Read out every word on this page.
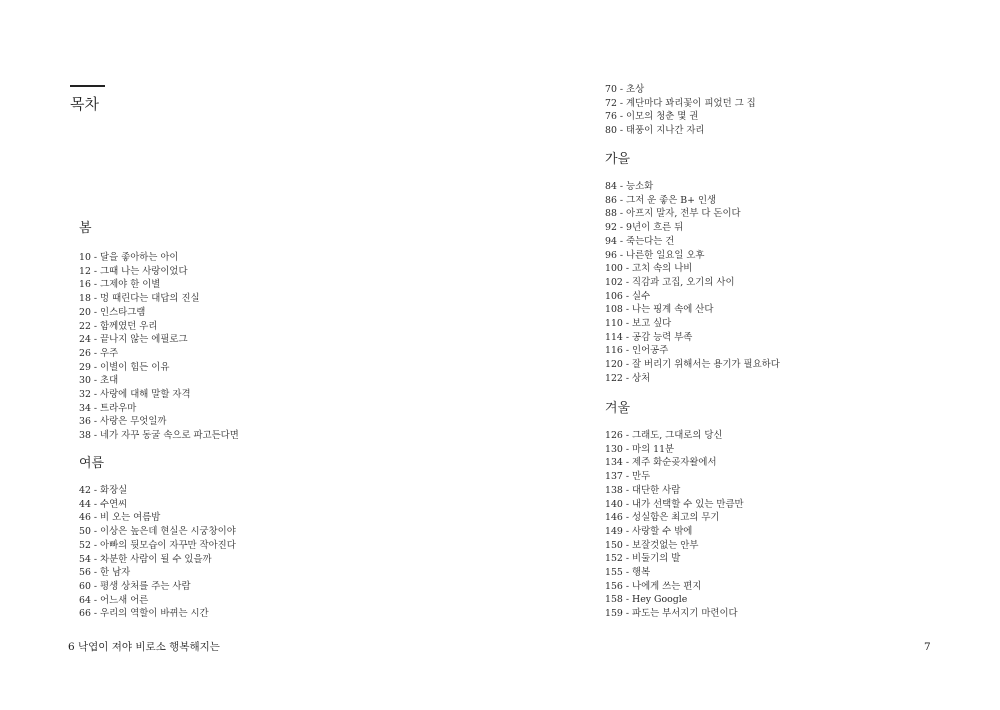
목차
봄
10 - 달을 좋아하는 아이
12 - 그때 나는 사랑이었다
16 - 그제야 한 이별
18 - 멍 때린다는 대답의 진실
20 - 인스타그램
22 - 함께였던 우리
24 - 끝나지 않는 에필로그
26 - 우주
29 - 이별이 힘든 이유
30 - 초대
32 - 사랑에 대해 말할 자격
34 - 트라우마
36 - 사랑은 무엇일까
38 - 네가 자꾸 동굴 속으로 파고든다면
여름
42 - 화장실
44 - 수연씨
46 - 비 오는 여름밤
50 - 이상은 높은데 현실은 시궁창이야
52 - 아빠의 뒷모습이 자꾸만 작아진다
54 - 차분한 사람이 될 수 있을까
56 - 한 남자
60 - 평생 상처를 주는 사람
64 - 어느새 어른
66 - 우리의 역할이 바뀌는 시간
6 낙엽이 져야 비로소 행복해지는
70 - 초상
72 - 계단마다 꽈리꽃이 피었던 그 집
76 - 이모의 청춘 몇 권
80 - 태풍이 지나간 자리
가을
84 - 능소화
86 - 그저 운 좋은 B+ 인생
88 - 아프지 말자, 전부 다 돈이다
92 - 9년이 흐른 뒤
94 - 죽는다는 건
96 - 나른한 일요일 오후
100 - 고치 속의 나비
102 - 직감과 고집, 오기의 사이
106 - 실수
108 - 나는 핑계 속에 산다
110 - 보고 싶다
114 - 공감 능력 부족
116 - 인어공주
120 - 잘 버리기 위해서는 용기가 필요하다
122 - 상처
겨울
126 - 그래도, 그대로의 당신
130 - 마의 11분
134 - 제주 화순곶자왈에서
137 - 만두
138 - 대단한 사람
140 - 내가 선택할 수 있는 만큼만
146 - 성실함은 최고의 무기
149 - 사랑할 수 밖에
150 - 보잘것없는 안부
152 - 비둘기의 발
155 - 행복
156 - 나에게 쓰는 편지
158 - Hey Google
159 - 파도는 부서지기 마련이다
7
